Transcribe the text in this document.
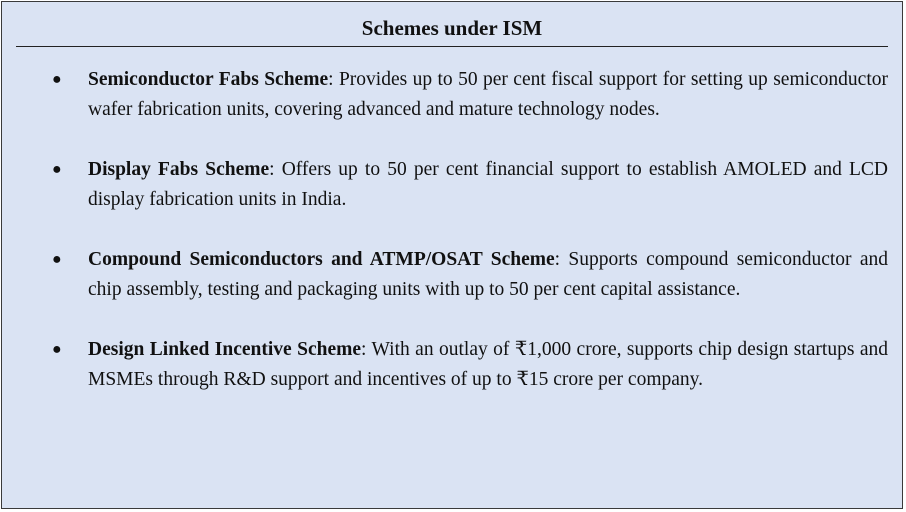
Schemes under ISM
● Semiconductor Fabs Scheme: Provides up to 50 per cent fiscal support for setting up semiconductor wafer fabrication units, covering advanced and mature technology nodes.
● Display Fabs Scheme: Offers up to 50 per cent financial support to establish AMOLED and LCD display fabrication units in India.
● Compound Semiconductors and ATMP/OSAT Scheme: Supports compound semiconductor and chip assembly, testing and packaging units with up to 50 per cent capital assistance.
● Design Linked Incentive Scheme: With an outlay of ₹1,000 crore, supports chip design startups and MSMEs through R&D support and incentives of up to ₹15 crore per company.
